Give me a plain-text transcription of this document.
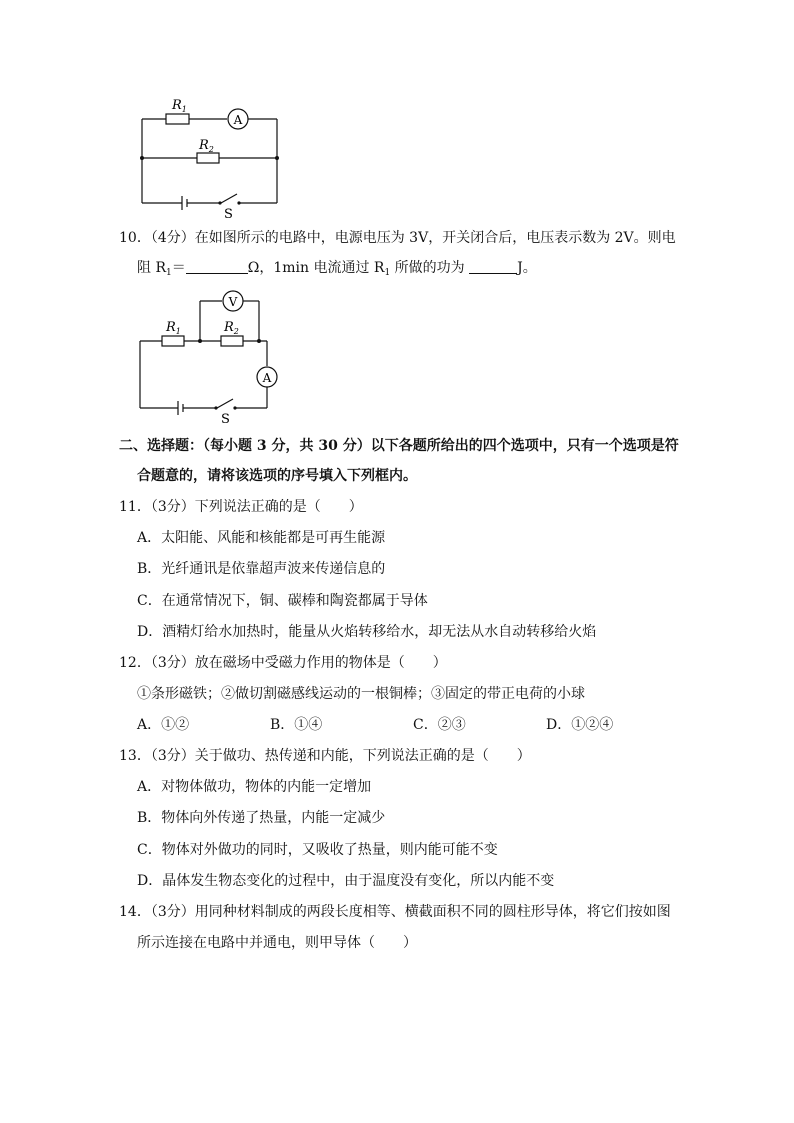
$R_1$
$R_2$
A
S
10．（4分）在如图所示的电路中，电源电压为 3V，开关闭合后，电压表示数为 2V。则电
阻 $R_1=$	Ω，1min 电流通过 $R_1$ 所做的功为	J。
V
A
$R_1$	$R_2$
S
二、选择题：（每小题 3 分，共 30 分）以下各题所给出的四个选项中，只有一个选项是符
合题意的，请将该选项的序号填入下列框内。
11．（3分）下列说法正确的是（　　）
A．太阳能、风能和核能都是可再生能源
B．光纤通讯是依靠超声波来传递信息的
C．在通常情况下，铜、碳棒和陶瓷都属于导体
D．酒精灯给水加热时，能量从火焰转移给水，却无法从水自动转移给火焰
12．（3分）放在磁场中受磁力作用的物体是（　　）
①条形磁铁；②做切割磁感线运动的一根铜棒；③固定的带正电荷的小球
A．①②	B．①④	C．②③	D．①②④
13．（3分）关于做功、热传递和内能，下列说法正确的是（　　）
A．对物体做功，物体的内能一定增加
B．物体向外传递了热量，内能一定减少
C．物体对外做功的同时，又吸收了热量，则内能可能不变
D．晶体发生物态变化的过程中，由于温度没有变化，所以内能不变
14．（3分）用同种材料制成的两段长度相等、横截面积不同的圆柱形导体，将它们按如图
所示连接在电路中并通电，则甲导体（　　）
